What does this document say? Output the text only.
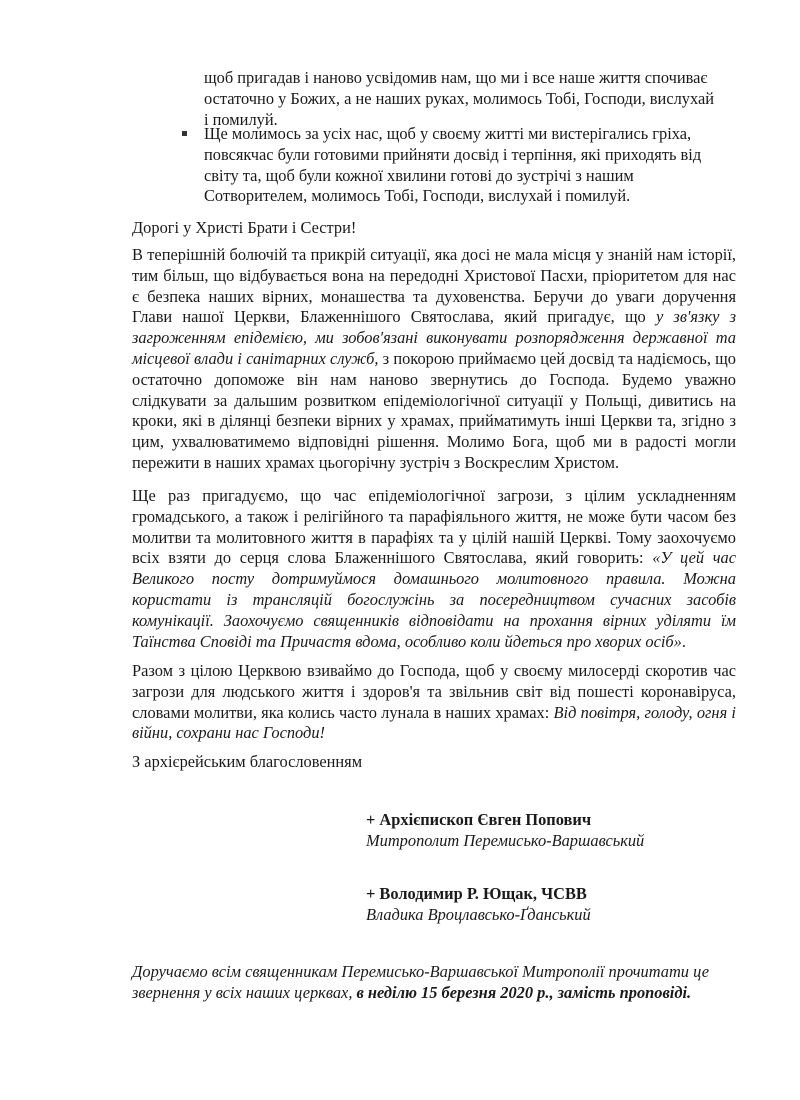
щоб пригадав і наново усвідомив нам, що ми і все наше життя спочиває
остаточно у Божих, а не наших руках, молимось Тобі, Господи, вислухай
і помилуй.

Ще молимось за усіх нас, щоб у своєму житті ми вистерігались гріха, повсякчас були готовими прийняти досвід і терпіння, які приходять від світу та, щоб були кожної хвилини готові до зустрічі з нашим Сотворителем, молимось Тобі, Господи, вислухай і помилуй.

Дорогі у Христі Брати і Сестри!

В теперішній болючій та прикрій ситуації, яка досі не мала місця у знаній нам історії, тим більш, що відбувається вона на передодні Христової Пасхи, пріоритетом для нас є безпека наших вірних, монашества та духовенства. Беручи до уваги доручення Глави нашої Церкви, Блаженнішого Святослава, який пригадує, що у зв'язку з загроженням епідемією, ми зобов'язані виконувати розпорядження державної та місцевої влади і санітарних служб, з покорою приймаємо цей досвід та надіємось, що остаточно допоможе він нам наново звернутись до Господа. Будемо уважно слідкувати за дальшим розвитком епідеміологічної ситуації у Польщі, дивитись на кроки, які в ділянці безпеки вірних у храмах, прийматимуть інші Церкви та, згідно з цим, ухвалюватимемо відповідні рішення. Молимо Бога, щоб ми в радості могли пережити в наших храмах цьогорічну зустріч з Воскреслим Христом.

Ще раз пригадуємо, що час епідеміологічної загрози, з цілим ускладненням громадського, а також і релігійного та парафіяльного життя, не може бути часом без молитви та молитовного життя в парафіях та у цілій нашій Церкві. Тому заохочуємо всіх взяти до серця слова Блаженнішого Святослава, який говорить: «У цей час Великого посту дотримуймося домашнього молитовного правила. Можна користати із трансляцій богослужінь за посередництвом сучасних засобів комунікації. Заохочуємо священників відповідати на прохання вірних уділяти їм Таїнства Сповіді та Причастя вдома, особливо коли йдеться про хворих осіб».

Разом з цілою Церквою взиваймо до Господа, щоб у своєму милосерді скоротив час загрози для людського життя і здоров'я та звільнив світ від пошесті коронавіруса, словами молитви, яка колись часто лунала в наших храмах: Від повітря, голоду, огня і війни, сохрани нас Господи!

З архієрейським благословенням

+ Архієпископ Євген Попович
Митрополит Перемисько-Варшавський
+ Володимир Р. Ющак, ЧСВВ
Владика Вроцлавсько-Ґданський

Доручаємо всім священникам Перемисько-Варшавської Митрополії прочитати це звернення у всіх наших церквах, в неділю 15 березня 2020 р., замість проповіді.
